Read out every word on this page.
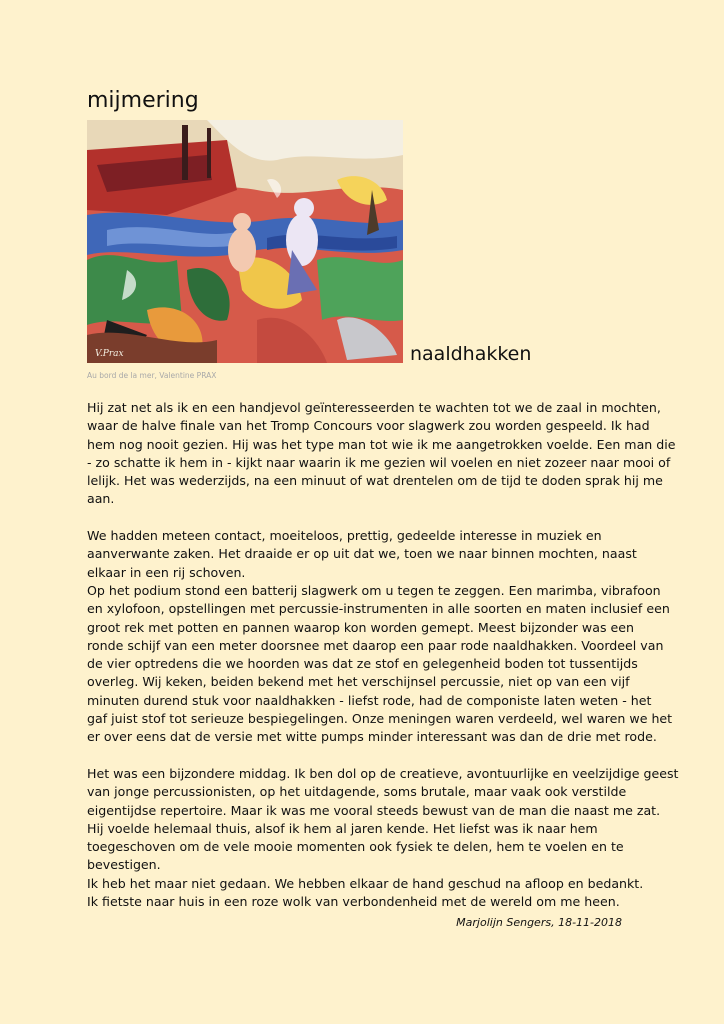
mijmering
V.Prax	naaldhakken
Au bord de la mer, Valentine PRAX
Hij zat net als ik en een handjevol geïnteresseerden te wachten tot we de zaal in mochten,
waar de halve finale van het Tromp Concours voor slagwerk zou worden gespeeld. Ik had
hem nog nooit gezien. Hij was het type man tot wie ik me aangetrokken voelde. Een man die
- zo schatte ik hem in - kijkt naar waarin ik me gezien wil voelen en niet zozeer naar mooi of
lelijk. Het was wederzijds, na een minuut of wat drentelen om de tijd te doden sprak hij me
aan.
We hadden meteen contact, moeiteloos, prettig, gedeelde interesse in muziek en
aanverwante zaken. Het draaide er op uit dat we, toen we naar binnen mochten, naast
elkaar in een rij schoven.
Op het podium stond een batterij slagwerk om u tegen te zeggen. Een marimba, vibrafoon
en xylofoon, opstellingen met percussie-instrumenten in alle soorten en maten inclusief een
groot rek met potten en pannen waarop kon worden gemept. Meest bijzonder was een
ronde schijf van een meter doorsnee met daarop een paar rode naaldhakken. Voordeel van
de vier optredens die we hoorden was dat ze stof en gelegenheid boden tot tussentijds
overleg. Wij keken, beiden bekend met het verschijnsel percussie, niet op van een vijf
minuten durend stuk voor naaldhakken - liefst rode, had de componiste laten weten - het
gaf juist stof tot serieuze bespiegelingen. Onze meningen waren verdeeld, wel waren we het
er over eens dat de versie met witte pumps minder interessant was dan de drie met rode.
Het was een bijzondere middag. Ik ben dol op de creatieve, avontuurlijke en veelzijdige geest
van jonge percussionisten, op het uitdagende, soms brutale, maar vaak ook verstilde
eigentijdse repertoire. Maar ik was me vooral steeds bewust van de man die naast me zat.
Hij voelde helemaal thuis, alsof ik hem al jaren kende. Het liefst was ik naar hem
toegeschoven om de vele mooie momenten ook fysiek te delen, hem te voelen en te
bevestigen.
Ik heb het maar niet gedaan. We hebben elkaar de hand geschud na afloop en bedankt.
Ik fietste naar huis in een roze wolk van verbondenheid met de wereld om me heen.
Marjolijn Sengers, 18-11-2018
